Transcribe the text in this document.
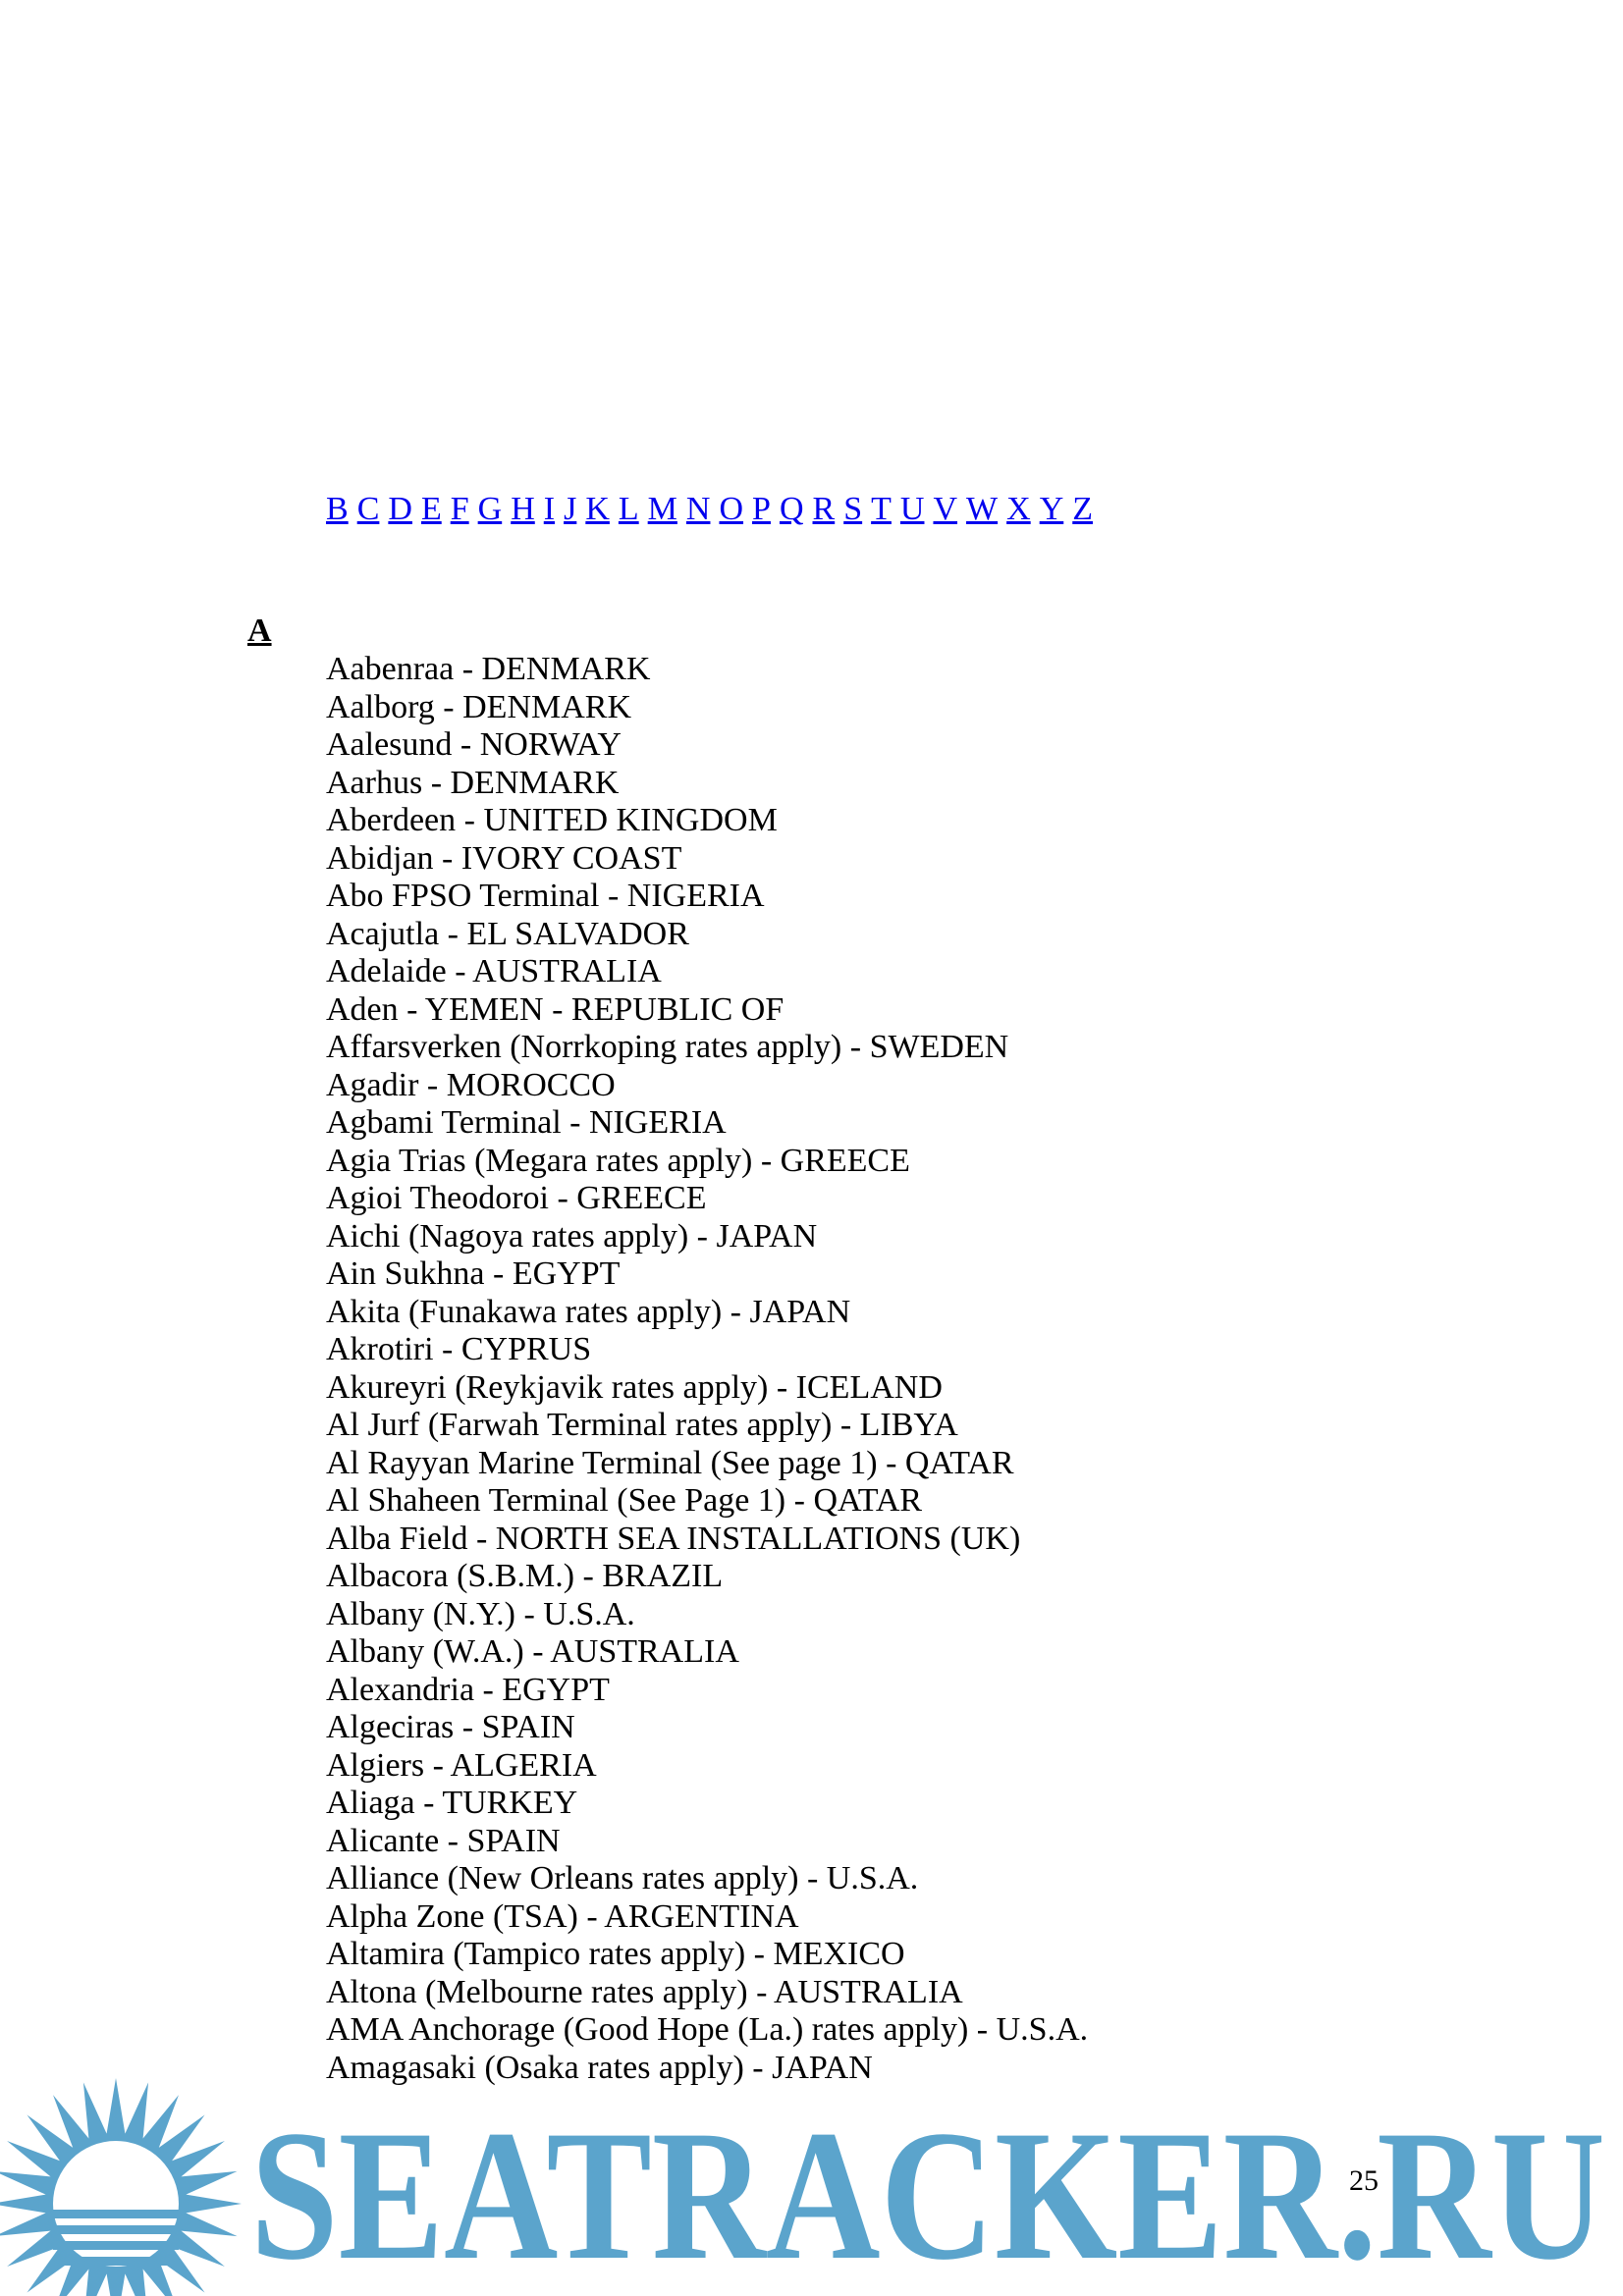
B C D E F G H I J K L M N O P Q R S T U V W X Y Z
A
Aabenraa - DENMARK
Aalborg - DENMARK
Aalesund - NORWAY
Aarhus - DENMARK
Aberdeen - UNITED KINGDOM
Abidjan - IVORY COAST
Abo FPSO Terminal - NIGERIA
Acajutla - EL SALVADOR
Adelaide - AUSTRALIA
Aden - YEMEN - REPUBLIC OF
Affarsverken (Norrkoping rates apply) - SWEDEN
Agadir - MOROCCO
Agbami Terminal - NIGERIA
Agia Trias (Megara rates apply) - GREECE
Agioi Theodoroi - GREECE
Aichi (Nagoya rates apply) - JAPAN
Ain Sukhna - EGYPT
Akita (Funakawa rates apply) - JAPAN
Akrotiri - CYPRUS
Akureyri (Reykjavik rates apply) - ICELAND
Al Jurf (Farwah Terminal rates apply) - LIBYA
Al Rayyan Marine Terminal (See page 1) - QATAR
Al Shaheen Terminal (See Page 1) - QATAR
Alba Field - NORTH SEA INSTALLATIONS (UK)
Albacora (S.B.M.) - BRAZIL
Albany (N.Y.) - U.S.A.
Albany (W.A.) - AUSTRALIA
Alexandria - EGYPT
Algeciras - SPAIN
Algiers - ALGERIA
Aliaga - TURKEY
Alicante - SPAIN
Alliance (New Orleans rates apply) - U.S.A.
Alpha Zone (TSA) - ARGENTINA
Altamira (Tampico rates apply) - MEXICO
Altona (Melbourne rates apply) - AUSTRALIA
AMA Anchorage (Good Hope (La.) rates apply) - U.S.A.
Amagasaki (Osaka rates apply) - JAPAN
SEATRACKER.RU
25
